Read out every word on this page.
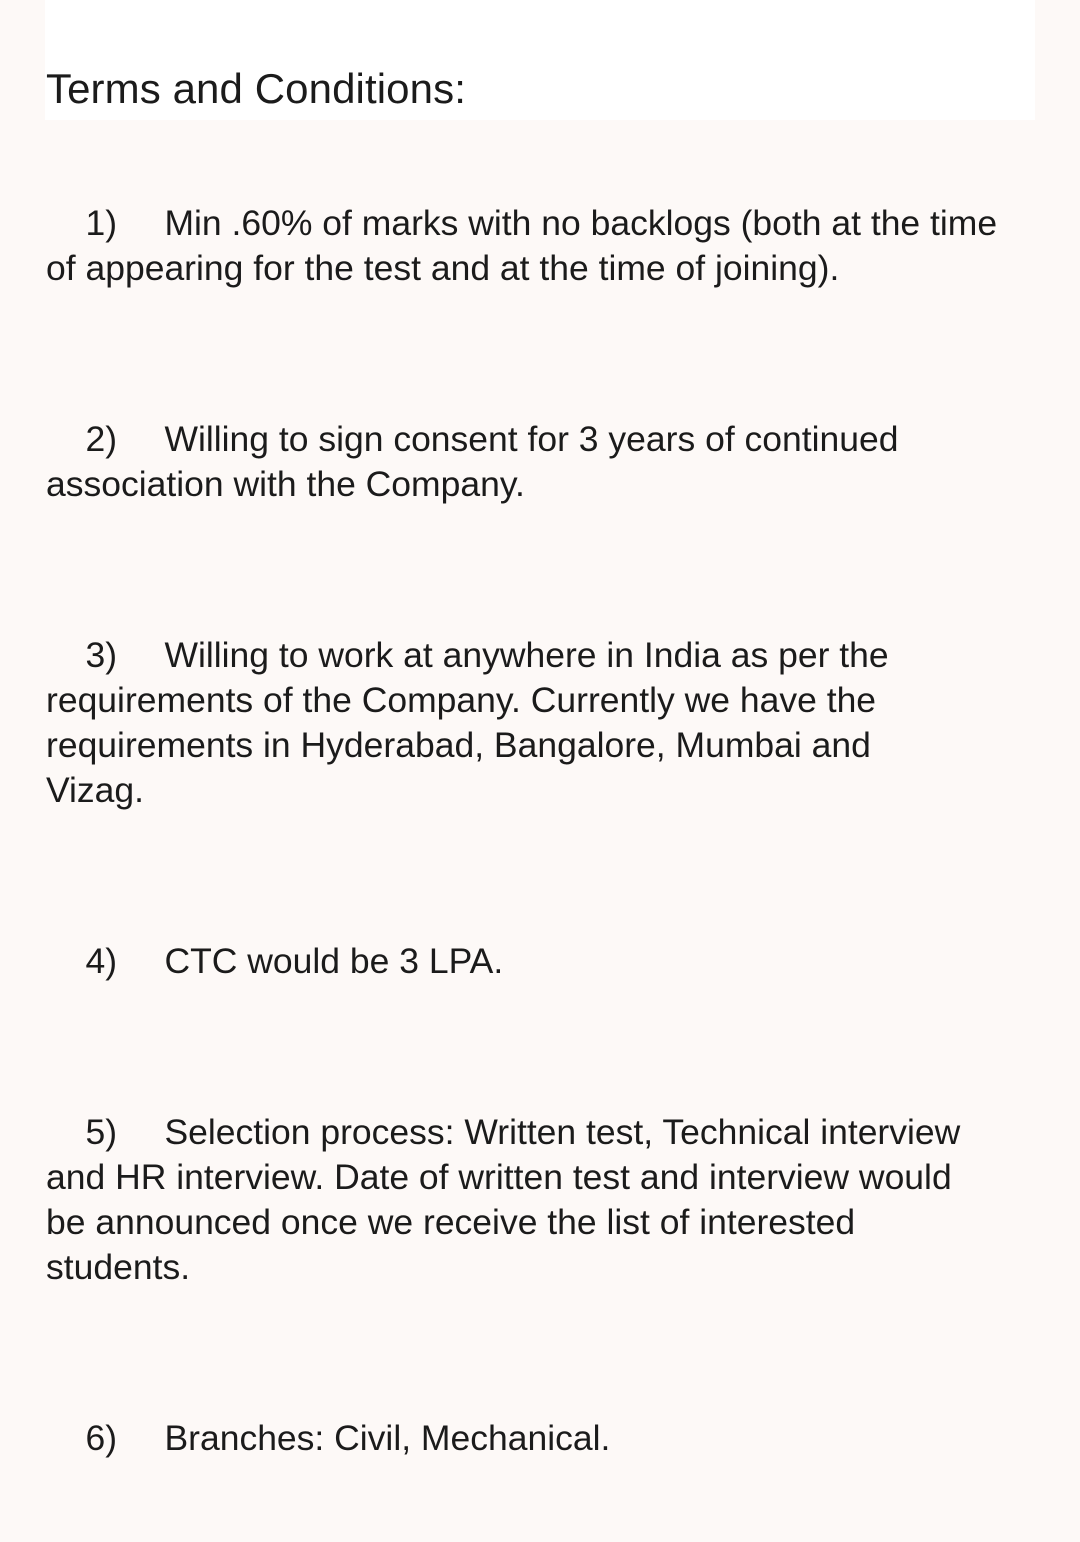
Terms and Conditions:

1) Min .60% of marks with no backlogs (both at the time
of appearing for the test and at the time of joining).

2) Willing to sign consent for 3 years of continued
association with the Company.

3) Willing to work at anywhere in India as per the
requirements of the Company. Currently we have the
requirements in Hyderabad, Bangalore, Mumbai and
Vizag.

4) CTC would be 3 LPA.

5) Selection process: Written test, Technical interview
and HR interview. Date of written test and interview would
be announced once we receive the list of interested
students.

6) Branches: Civil, Mechanical.
